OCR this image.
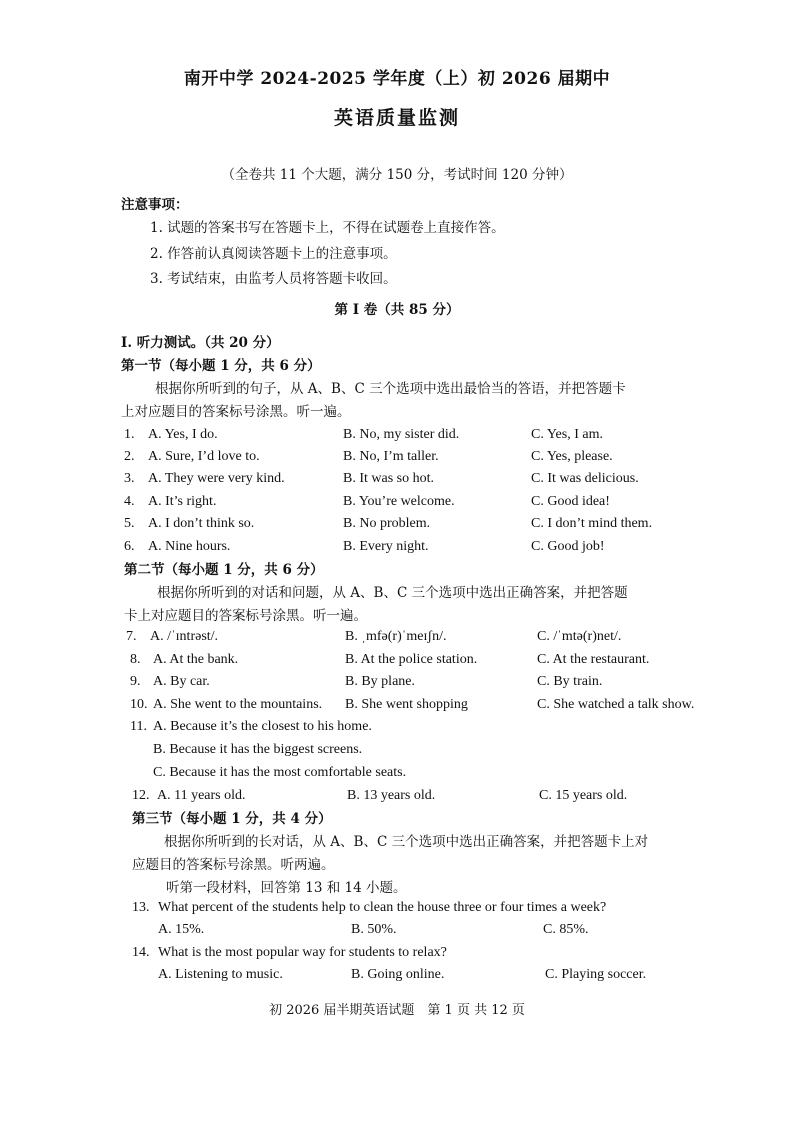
南开中学 2024-2025 学年度（上）初 2026 届期中
英语质量监测
（全卷共 11 个大题，满分 150 分，考试时间 120 分钟）
注意事项：
1. 试题的答案书写在答题卡上，不得在试题卷上直接作答。
2. 作答前认真阅读答题卡上的注意事项。
3. 考试结束，由监考人员将答题卡收回。
第 I 卷（共 85 分）
I. 听力测试。（共 20 分）
第一节（每小题 1 分，共 6 分）
根据你所听到的句子，从 A、B、C 三个选项中选出最恰当的答语，并把答题卡
上对应题目的答案标号涂黑。听一遍。
1. A. Yes, I do.	B. No, my sister did.	C. Yes, I am.
2. A. Sure, I’d love to.	B. No, I’m taller.	C. Yes, please.
3. A. They were very kind.	B. It was so hot.	C. It was delicious.
4. A. It’s right.	B. You’re welcome.	C. Good idea!
5. A. I don’t think so.	B. No problem.	C. I don’t mind them.
6. A. Nine hours.	B. Every night.	C. Good job!
第二节（每小题 1 分，共 6 分）
根据你所听到的对话和问题，从 A、B、C 三个选项中选出正确答案，并把答题
卡上对应题目的答案标号涂黑。听一遍。
7. A. /ˈɪntrəst/.	B. ˌmfə(r)ˈmeɪʃn/.	C. /ˈmtə(r)net/.
8. A. At the bank.	B. At the police station.	C. At the restaurant.
9. A. By car.	B. By plane.	C. By train.
10. A. She went to the mountains. B. She went shopping	C. She watched a talk show.
11. A. Because it’s the closest to his home.
B. Because it has the biggest screens.
C. Because it has the most comfortable seats.
12. A. 11 years old.	B. 13 years old.	C. 15 years old.
第三节（每小题 1 分，共 4 分）
根据你所听到的长对话，从 A、B、C 三个选项中选出正确答案，并把答题卡上对
应题目的答案标号涂黑。听两遍。
听第一段材料，回答第 13 和 14 小题。
13. What percent of the students help to clean the house three or four times a week?
A. 15%.	B. 50%.	C. 85%.
14. What is the most popular way for students to relax?
A. Listening to music.	B. Going online.	C. Playing soccer.
初 2026 届半期英语试题　第 1 页 共 12 页
